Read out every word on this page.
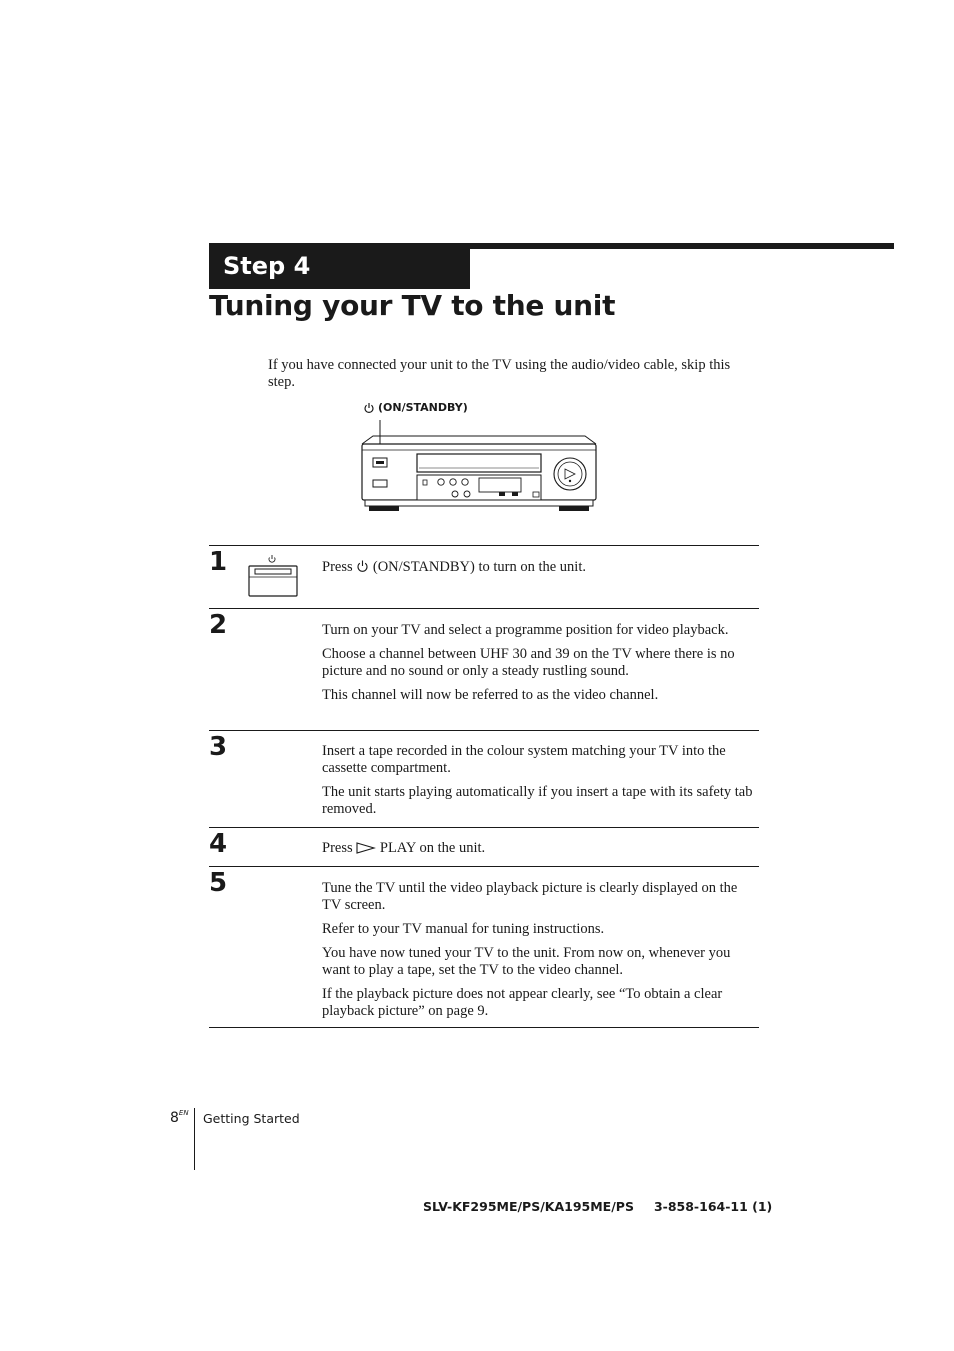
Step 4
Tuning your TV to the unit

If you have connected your unit to the TV using the audio/video cable, skip this step.

(ON/STANDBY)
1	Press (ON/STANDBY) to turn on the unit.

2	Turn on your TV and select a programme position for video playback.

Choose a channel between UHF 30 and 39 on the TV where there is no picture and no sound or only a steady rustling sound.

This channel will now be referred to as the video channel.

3	Insert a tape recorded in the colour system matching your TV into the cassette compartment.

The unit starts playing automatically if you insert a tape with its safety tab removed.

4	Press PLAY on the unit.

5	Tune the TV until the video playback picture is clearly displayed on the TV screen.

Refer to your TV manual for tuning instructions.

You have now tuned your TV to the unit. From now on, whenever you want to play a tape, set the TV to the video channel.

If the playback picture does not appear clearly, see “To obtain a clear playback picture” on page 9.

$8^{EN}$ Getting Started
SLV-KF295ME/PS/KA195ME/PS 3-858-164-11 (1)
